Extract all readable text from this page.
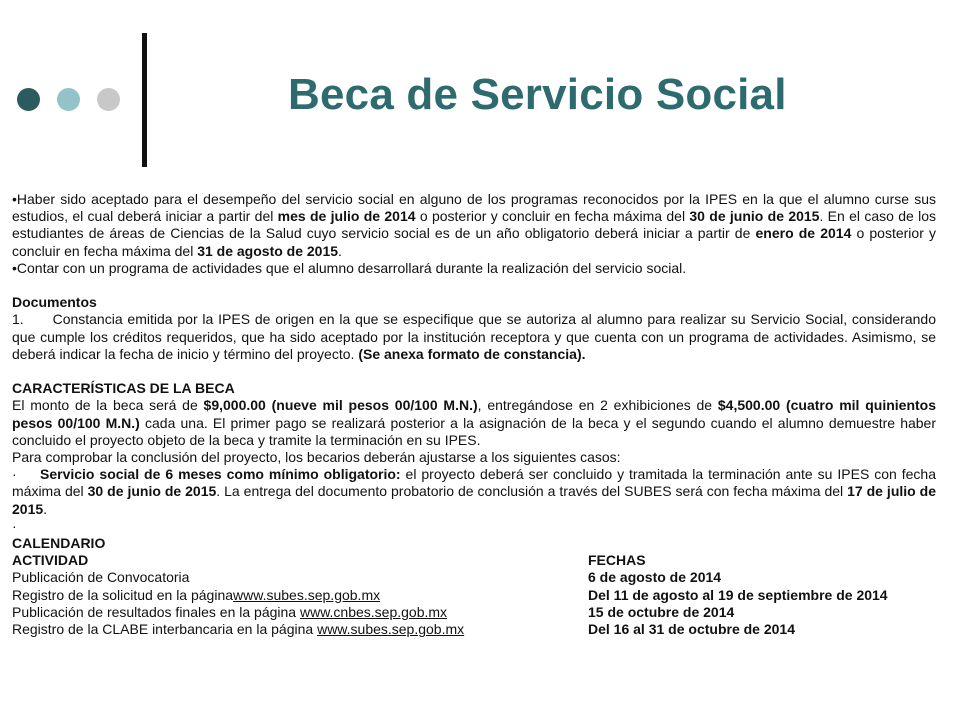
Beca de Servicio Social

•Haber sido aceptado para el desempeño del servicio social en alguno de los programas reconocidos por la IPES en la que el alumno curse sus estudios, el cual deberá iniciar a partir del mes de julio de 2014 o posterior y concluir en fecha máxima del 30 de junio de 2015. En el caso de los estudiantes de áreas de Ciencias de la Salud cuyo servicio social es de un año obligatorio deberá iniciar a partir de enero de 2014 o posterior y concluir en fecha máxima del 31 de agosto de 2015.

•Contar con un programa de actividades que el alumno desarrollará durante la realización del servicio social.

Documentos

1. Constancia emitida por la IPES de origen en la que se especifique que se autoriza al alumno para realizar su Servicio Social, considerando que cumple los créditos requeridos, que ha sido aceptado por la institución receptora y que cuenta con un programa de actividades. Asimismo, se deberá indicar la fecha de inicio y término del proyecto. (Se anexa formato de constancia).

CARACTERÍSTICAS DE LA BECA

El monto de la beca será de $9,000.00 (nueve mil pesos 00/100 M.N.), entregándose en 2 exhibiciones de $4,500.00 (cuatro mil quinientos pesos 00/100 M.N.) cada una. El primer pago se realizará posterior a la asignación de la beca y el segundo cuando el alumno demuestre haber concluido el proyecto objeto de la beca y tramite la terminación en su IPES.

Para comprobar la conclusión del proyecto, los becarios deberán ajustarse a los siguientes casos:

· Servicio social de 6 meses como mínimo obligatorio: el proyecto deberá ser concluido y tramitada la terminación ante su IPES con fecha máxima del 30 de junio de 2015. La entrega del documento probatorio de conclusión a través del SUBES será con fecha máxima del 17 de julio de 2015.

·

CALENDARIO

ACTIVIDAD	FECHAS
Publicación de Convocatoria	6 de agosto de 2014
Registro de la solicitud en la páginawww.subes.sep.gob.mx	Del 11 de agosto al 19 de septiembre de 2014
Publicación de resultados finales en la página www.cnbes.sep.gob.mx	15 de octubre de 2014
Registro de la CLABE interbancaria en la página www.subes.sep.gob.mx	Del 16 al 31 de octubre de 2014
